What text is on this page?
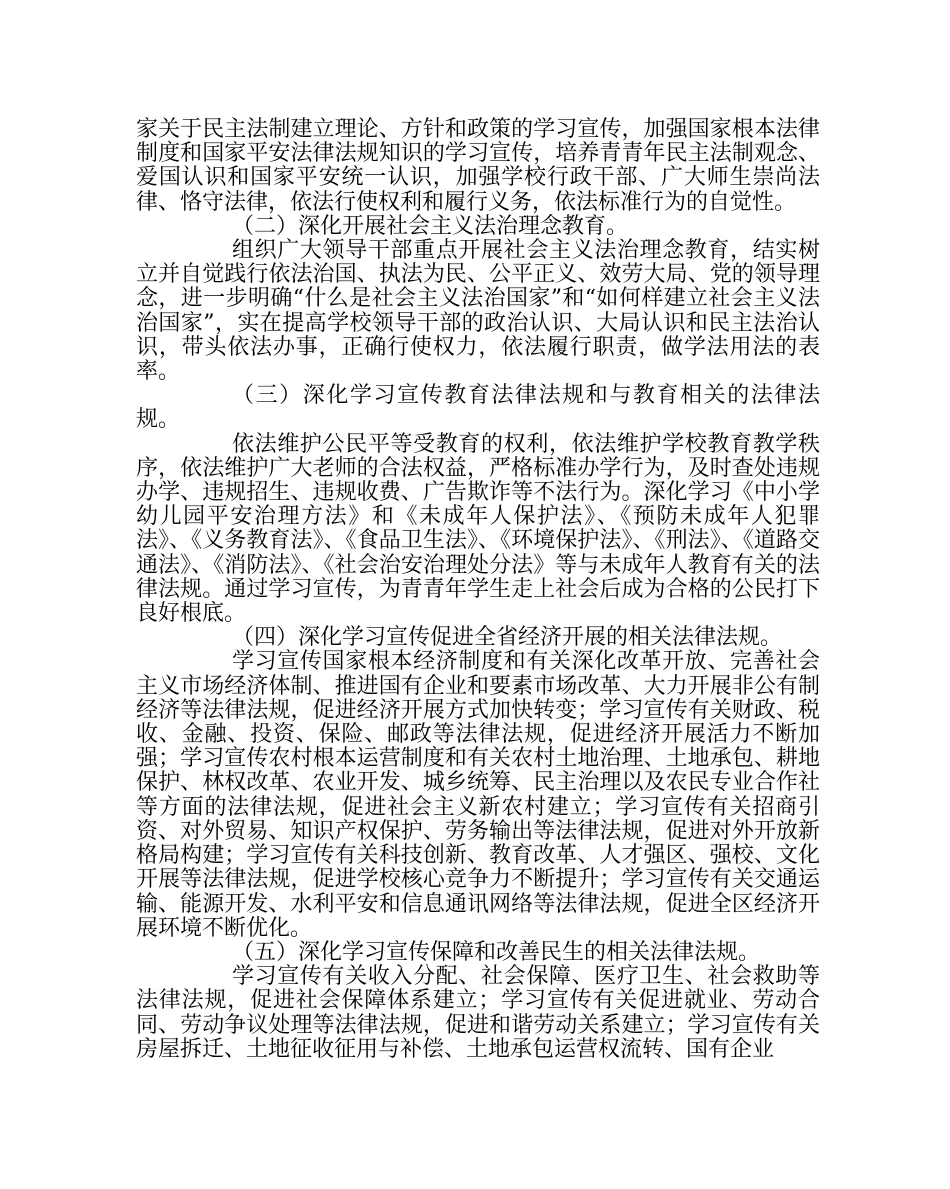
家关于民主法制建立理论、方针和政策的学习宣传，加强国家根本法律制度和国家平安法律法规知识的学习宣传，培养青青年民主法制观念、爱国认识和国家平安统一认识，加强学校行政干部、广大师生崇尚法律、恪守法律，依法行使权利和履行义务，依法标准行为的自觉性。

（二）深化开展社会主义法治理念教育。

组织广大领导干部重点开展社会主义法治理念教育，结实树立并自觉践行依法治国、执法为民、公平正义、效劳大局、党的领导理念，进一步明确“什么是社会主义法治国家”和“如何样建立社会主义法治国家”，实在提高学校领导干部的政治认识、大局认识和民主法治认识，带头依法办事，正确行使权力，依法履行职责，做学法用法的表率。

（三）深化学习宣传教育法律法规和与教育相关的法律法规。

依法维护公民平等受教育的权利，依法维护学校教育教学秩序，依法维护广大老师的合法权益，严格标准办学行为，及时查处违规办学、违规招生、违规收费、广告欺诈等不法行为。深化学习《中小学幼儿园平安治理方法》和《未成年人保护法》、《预防未成年人犯罪法》、《义务教育法》、《食品卫生法》、《环境保护法》、《刑法》、《道路交通法》、《消防法》、《社会治安治理处分法》等与未成年人教育有关的法律法规。通过学习宣传，为青青年学生走上社会后成为合格的公民打下良好根底。

（四）深化学习宣传促进全省经济开展的相关法律法规。

学习宣传国家根本经济制度和有关深化改革开放、完善社会主义市场经济体制、推进国有企业和要素市场改革、大力开展非公有制经济等法律法规，促进经济开展方式加快转变；学习宣传有关财政、税收、金融、投资、保险、邮政等法律法规，促进经济开展活力不断加强；学习宣传农村根本运营制度和有关农村土地治理、土地承包、耕地保护、林权改革、农业开发、城乡统筹、民主治理以及农民专业合作社等方面的法律法规，促进社会主义新农村建立；学习宣传有关招商引资、对外贸易、知识产权保护、劳务输出等法律法规，促进对外开放新格局构建；学习宣传有关科技创新、教育改革、人才强区、强校、文化开展等法律法规，促进学校核心竞争力不断提升；学习宣传有关交通运输、能源开发、水利平安和信息通讯网络等法律法规，促进全区经济开展环境不断优化。

（五）深化学习宣传保障和改善民生的相关法律法规。

学习宣传有关收入分配、社会保障、医疗卫生、社会救助等法律法规，促进社会保障体系建立；学习宣传有关促进就业、劳动合同、劳动争议处理等法律法规，促进和谐劳动关系建立；学习宣传有关房屋拆迁、土地征收征用与补偿、土地承包运营权流转、国有企业
